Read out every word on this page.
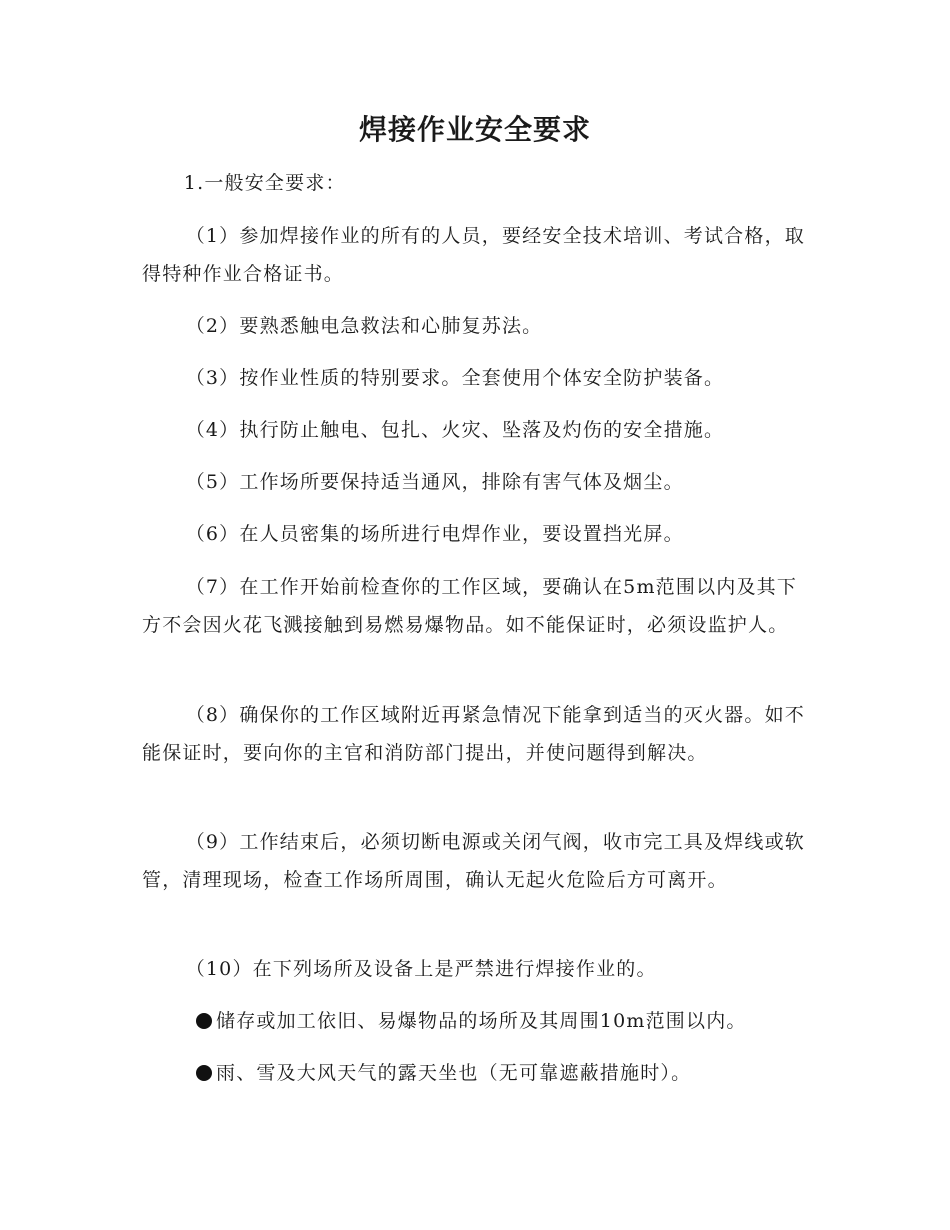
焊接作业安全要求

1.一般安全要求：

（1）参加焊接作业的所有的人员，要经安全技术培训、考试合格，取得特种作业合格证书。

（2）要熟悉触电急救法和心肺复苏法。

（3）按作业性质的特别要求。全套使用个体安全防护装备。

（4）执行防止触电、包扎、火灾、坠落及灼伤的安全措施。

（5）工作场所要保持适当通风，排除有害气体及烟尘。

（6）在人员密集的场所进行电焊作业，要设置挡光屏。

（7）在工作开始前检查你的工作区域，要确认在5m范围以内及其下方不会因火花飞溅接触到易燃易爆物品。如不能保证时，必须设监护人。

（8）确保你的工作区域附近再紧急情况下能拿到适当的灭火器。如不能保证时，要向你的主官和消防部门提出，并使问题得到解决。

（9）工作结束后，必须切断电源或关闭气阀，收市完工具及焊线或软管，清理现场，检查工作场所周围，确认无起火危险后方可离开。

（10）在下列场所及设备上是严禁进行焊接作业的。

储存或加工依旧、易爆物品的场所及其周围10m范围以内。
雨、雪及大风天气的露天坐也（无可靠遮蔽措施时）。
